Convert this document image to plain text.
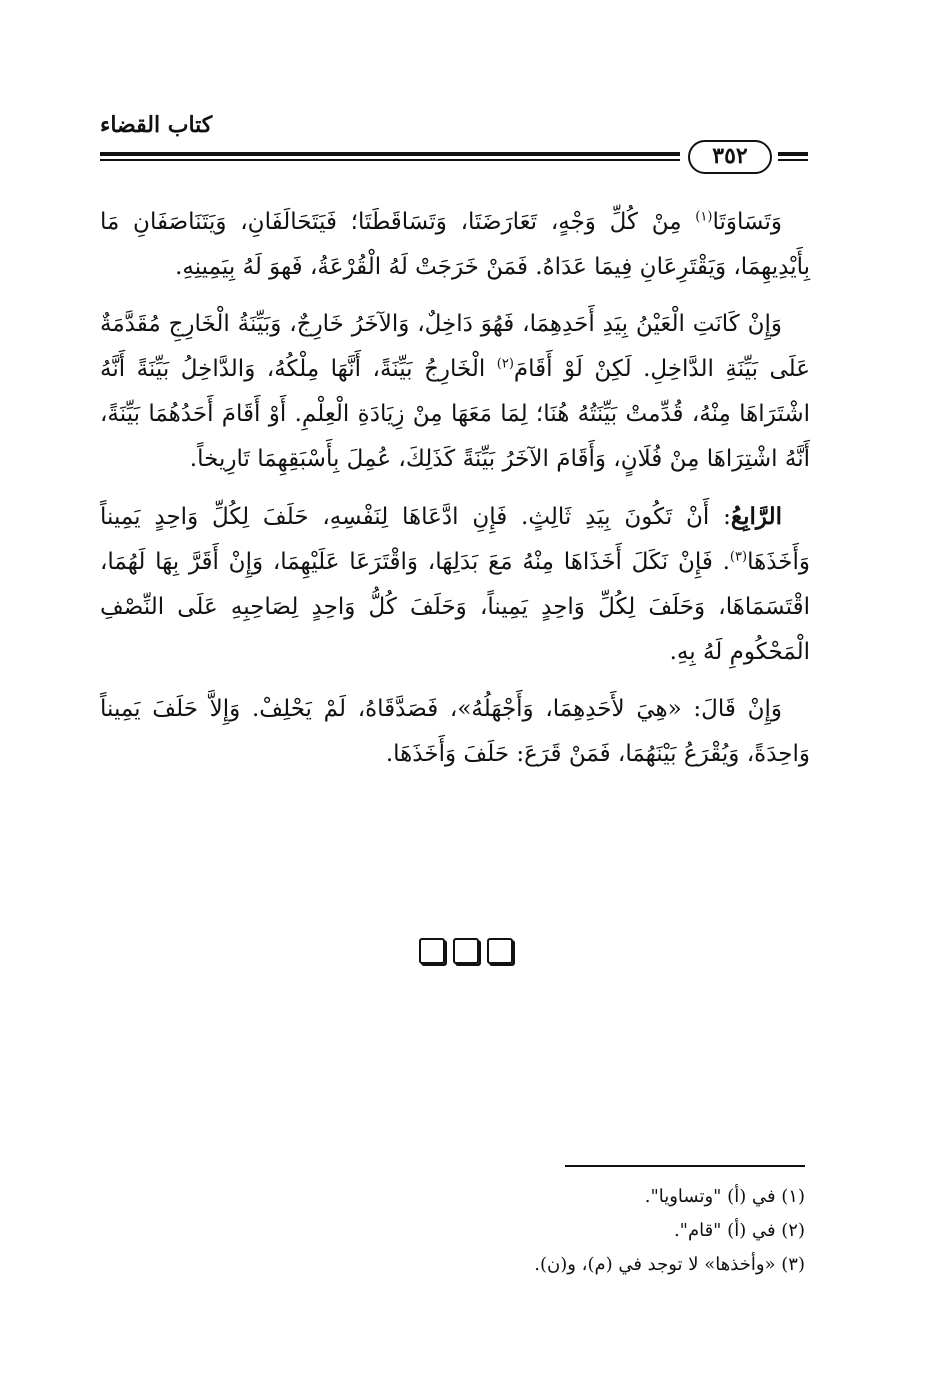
كتاب القضاء
٣٥٢

وَتَسَاوَتَا$^{(١)}$ مِنْ كُلِّ وَجْهٍ، تَعَارَضَتَا، وَتَسَاقَطَتَا؛ فَيَتَحَالَفَانِ، وَيَتَنَاصَفَانِ مَا بِأَيْدِيهِمَا، وَيَقْتَرِعَانِ فِيمَا عَدَاهُ. فَمَنْ خَرَجَتْ لَهُ الْقُرْعَةُ، فَهوَ لَهُ بِيَمِينِهِ.

وَإِنْ كَانَتِ الْعَيْنُ بِيَدِ أَحَدِهِمَا، فَهُوَ دَاخِلٌ، وَالآخَرُ خَارِجٌ، وَبَيِّنَةُ الْخَارِجِ مُقَدَّمَةٌ عَلَى بَيِّنَةِ الدَّاخِلِ. لَكِنْ لَوْ أَقَامَ$^{(٢)}$ الْخَارِجُ بَيِّنَةً، أَنَّهَا مِلْكُهُ، وَالدَّاخِلُ بَيِّنَةً أَنَّهُ اشْتَرَاهَا مِنْهُ، قُدِّمتْ بَيِّنَتُهُ هُنَا؛ لِمَا مَعَهَا مِنْ زِيَادَةِ الْعِلْمِ. أَوْ أَقَامَ أَحَدُهُمَا بَيِّنَةً، أَنَّهُ اشْتِرَاهَا مِنْ فُلَانٍ، وَأَقَامَ الآخَرُ بَيِّنَةً كَذَلِكَ، عُمِلَ بِأَسْبَقِهِمَا تَارِيخاً.

الرَّابِعُ: أَنْ تَكُونَ بِيَدِ ثَالِثٍ. فَإِنِ ادَّعَاهَا لِنَفْسِهِ، حَلَفَ لِكُلِّ وَاحِدٍ يَمِيناً وَأَخَذَهَا$^{(٣)}$. فَإِنْ نَكَلَ أَخَذَاهَا مِنْهُ مَعَ بَدَلِهَا، وَاقْتَرَعَا عَلَيْهِمَا، وَإِنْ أَقَرَّ بِهَا لَهُمَا، اقْتَسَمَاهَا، وَحَلَفَ لِكُلِّ وَاحِدٍ يَمِيناً، وَحَلَفَ كُلُّ وَاحِدٍ لِصَاحِبِهِ عَلَى النِّصْفِ الْمَحْكُومِ لَهُ بِهِ.

وَإِنْ قَالَ: «هِيَ لأَحَدِهِمَا، وَأَجْهَلُهُ»، فَصَدَّقَاهُ، لَمْ يَحْلِفْ. وَإِلاَّ حَلَفَ يَمِيناً وَاحِدَةً، وَيُقْرَعُ بَيْنَهُمَا، فَمَنْ قَرَعَ: حَلَفَ وَأَخَذَهَا.

(١) في (أ) "وتساويا".
(٢) في (أ) "قام".
(٣) «وأخذها» لا توجد في (م)، و(ن).
